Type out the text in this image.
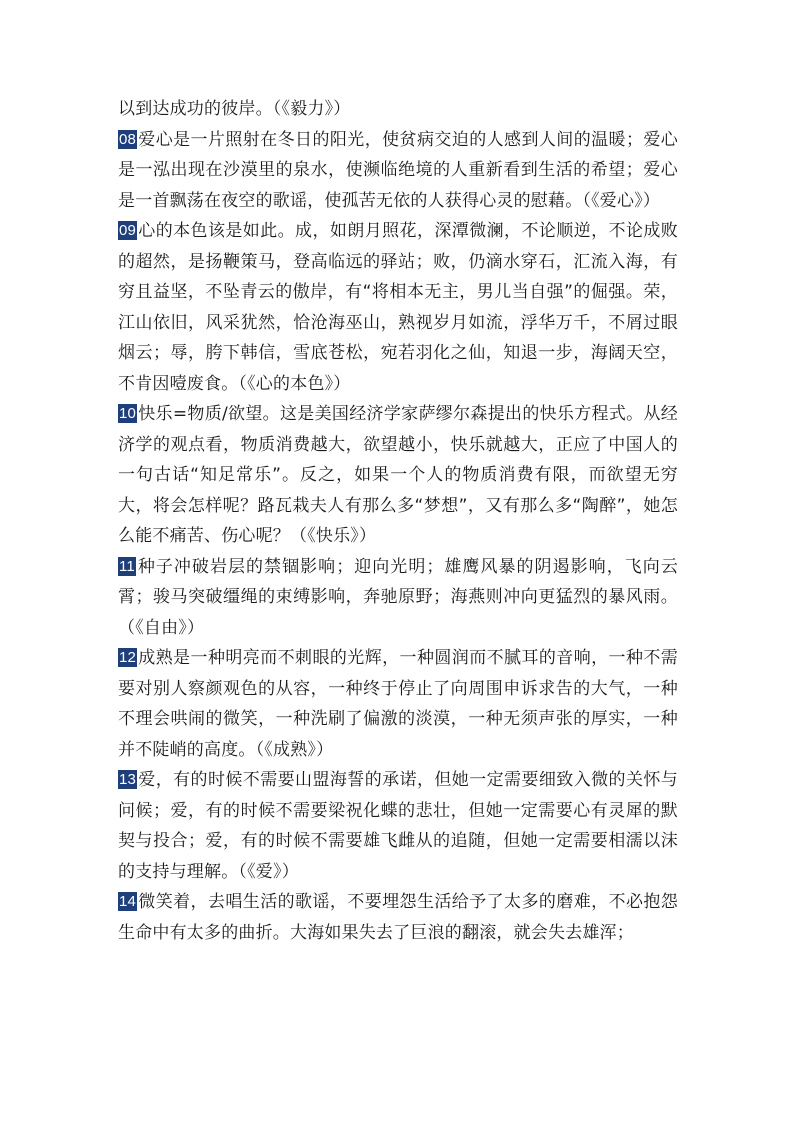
以到达成功的彼岸。（《毅力》）

08 爱心是一片照射在冬日的阳光，使贫病交迫的人感到人间的温暖；爱心是一泓出现在沙漠里的泉水，使濒临绝境的人重新看到生活的希望；爱心是一首飘荡在夜空的歌谣，使孤苦无依的人获得心灵的慰藉。（《爱心》）

09 心的本色该是如此。成，如朗月照花，深潭微澜，不论顺逆，不论成败的超然，是扬鞭策马，登高临远的驿站；败，仍滴水穿石，汇流入海，有穷且益坚，不坠青云的傲岸，有“将相本无主，男儿当自强”的倔强。荣，江山依旧，风采犹然，恰沧海巫山，熟视岁月如流，浮华万千，不屑过眼烟云；辱，胯下韩信，雪底苍松，宛若羽化之仙，知退一步，海阔天空，不肯因噎废食。（《心的本色》）

10 快乐=物质/欲望。这是美国经济学家萨缪尔森提出的快乐方程式。从经济学的观点看，物质消费越大，欲望越小，快乐就越大，正应了中国人的一句古话“知足常乐”。反之，如果一个人的物质消费有限，而欲望无穷大，将会怎样呢？路瓦栽夫人有那么多“梦想”，又有那么多“陶醉”，她怎么能不痛苦、伤心呢？（《快乐》）

11 种子冲破岩层的禁锢影响；迎向光明；雄鹰风暴的阴遏影响，飞向云霄；骏马突破缰绳的束缚影响，奔驰原野；海燕则冲向更猛烈的暴风雨。（《自由》）

12 成熟是一种明亮而不刺眼的光辉，一种圆润而不腻耳的音响，一种不需要对别人察颜观色的从容，一种终于停止了向周围申诉求告的大气，一种不理会哄闹的微笑，一种洗刷了偏激的淡漠，一种无须声张的厚实，一种并不陡峭的高度。（《成熟》）

13 爱，有的时候不需要山盟海誓的承诺，但她一定需要细致入微的关怀与问候；爱，有的时候不需要梁祝化蝶的悲壮，但她一定需要心有灵犀的默契与投合；爱，有的时候不需要雄飞雌从的追随，但她一定需要相濡以沫的支持与理解。（《爱》）

14 微笑着，去唱生活的歌谣，不要埋怨生活给予了太多的磨难，不必抱怨生命中有太多的曲折。大海如果失去了巨浪的翻滚，就会失去雄浑；
